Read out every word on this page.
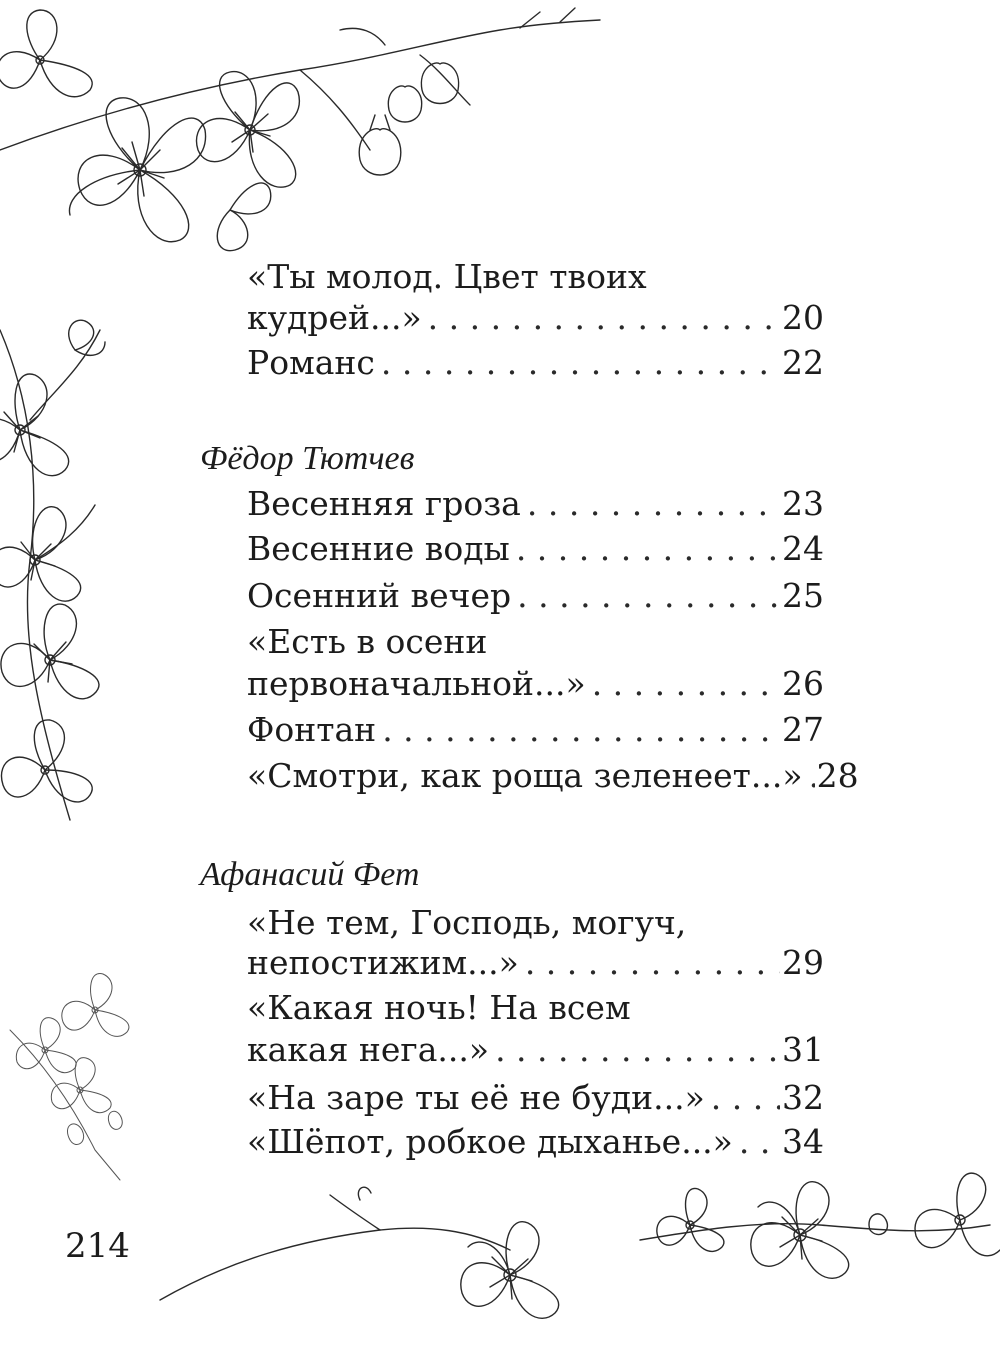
«Ты молод. Цвет твоих
кудрей...» . . .	20
Романс . . .	22
Фёдор Тютчев
Весенняя гроза . . .	23
Весенние воды . . .	24
Осенний вечер . . .	25
«Есть в осени
первоначальной...» . . .	26
Фонтан . . .	27
«Смотри, как роща зеленеет...» . . . 28
Афанасий Фет
«Не тем, Господь, могуч,
непостижим...» . . .	29
«Какая ночь! На всем
какая нега...» . . .	31
«На заре ты её не буди...» . . . 32
«Шёпот, робкое дыханье...» . . . 34
214
